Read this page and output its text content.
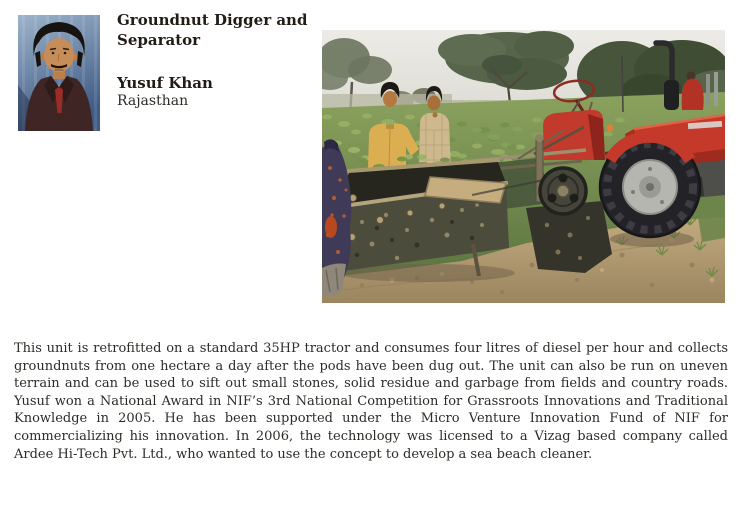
Groundnut Digger and
Separator
Yusuf Khan
Rajasthan

This unit is retrofitted on a standard 35HP tractor and consumes four litres of diesel per hour and collects groundnuts from one hectare a day after the pods have been dug out. The unit can also be run on uneven terrain and can be used to sift out small stones, solid residue and garbage from fields and country roads. Yusuf won a National Award in NIF’s 3rd National Competition for Grassroots Innovations and Traditional Knowledge in 2005. He has been supported under the Micro Venture Innovation Fund of NIF for commercializing his innovation. In 2006, the technology was licensed to a Vizag based company called Ardee Hi-Tech Pvt. Ltd., who wanted to use the concept to develop a sea beach cleaner.
